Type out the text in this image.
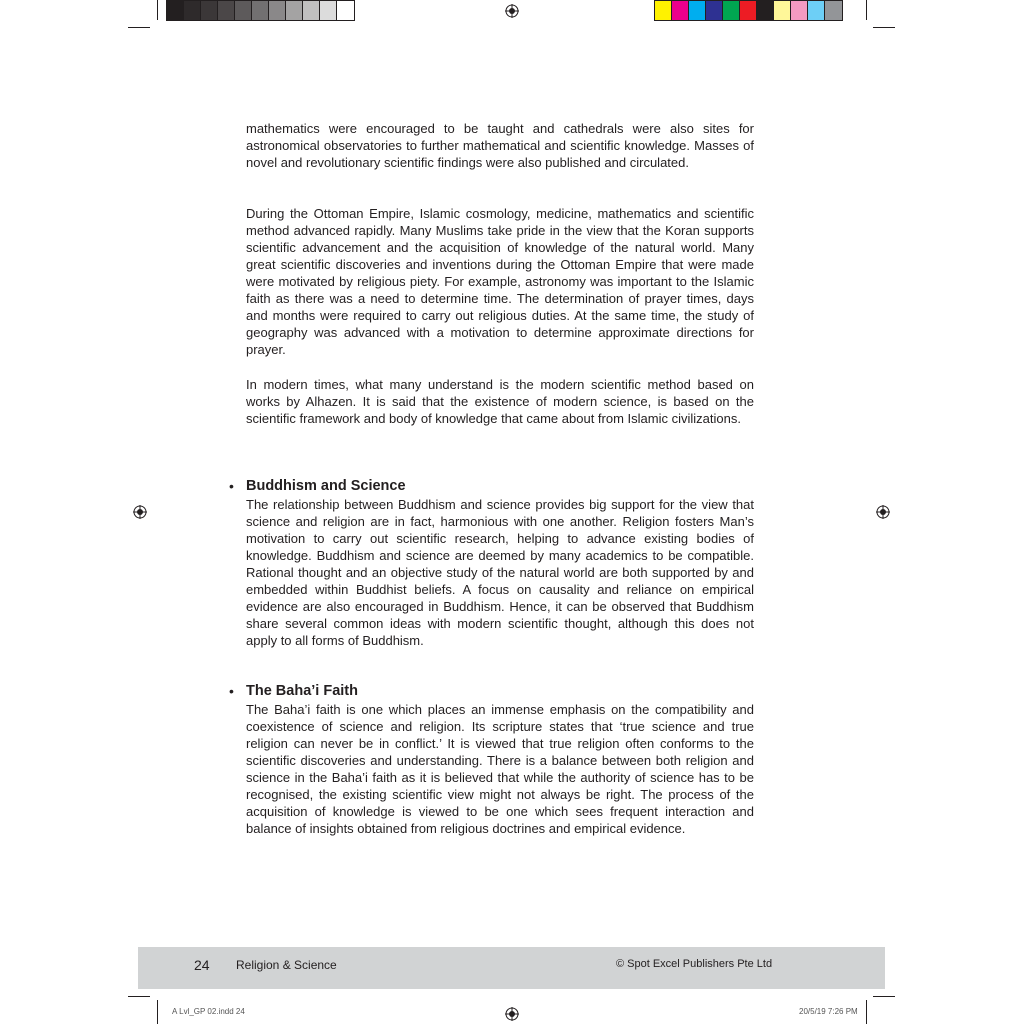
mathematics were encouraged to be taught and cathedrals were also sites for astronomical observatories to further mathematical and scientific knowledge. Masses of novel and revolutionary scientific findings were also published and circulated.

During the Ottoman Empire, Islamic cosmology, medicine, mathematics and scientific method advanced rapidly. Many Muslims take pride in the view that the Koran supports scientific advancement and the acquisition of knowledge of the natural world. Many great scientific discoveries and inventions during the Ottoman Empire that were made were motivated by religious piety. For example, astronomy was important to the Islamic faith as there was a need to determine time. The determination of prayer times, days and months were required to carry out religious duties. At the same time, the study of geography was advanced with a motivation to determine approximate directions for prayer.

In modern times, what many understand is the modern scientific method based on works by Alhazen. It is said that the existence of modern science, is based on the scientific framework and body of knowledge that came about from Islamic civilizations.

• Buddhism and Science

The relationship between Buddhism and science provides big support for the view that science and religion are in fact, harmonious with one another. Religion fosters Man’s motivation to carry out scientific research, helping to advance existing bodies of knowledge. Buddhism and science are deemed by many academics to be compatible. Rational thought and an objective study of the natural world are both supported by and embedded within Buddhist beliefs. A focus on causality and reliance on empirical evidence are also encouraged in Buddhism. Hence, it can be observed that Buddhism share several common ideas with modern scientific thought, although this does not apply to all forms of Buddhism.

• The Baha’i Faith

The Baha’i faith is one which places an immense emphasis on the compatibility and coexistence of science and religion. Its scripture states that ‘true science and true religion can never be in conflict.’ It is viewed that true religion often conforms to the scientific discoveries and understanding. There is a balance between both religion and science in the Baha’i faith as it is believed that while the authority of science has to be recognised, the existing scientific view might not always be right. The process of the acquisition of knowledge is viewed to be one which sees frequent interaction and balance of insights obtained from religious doctrines and empirical evidence.

24 Religion & Science	© Spot Excel Publishers Pte Ltd
A Lvl_GP 02.indd 24	20/5/19 7:26 PM
